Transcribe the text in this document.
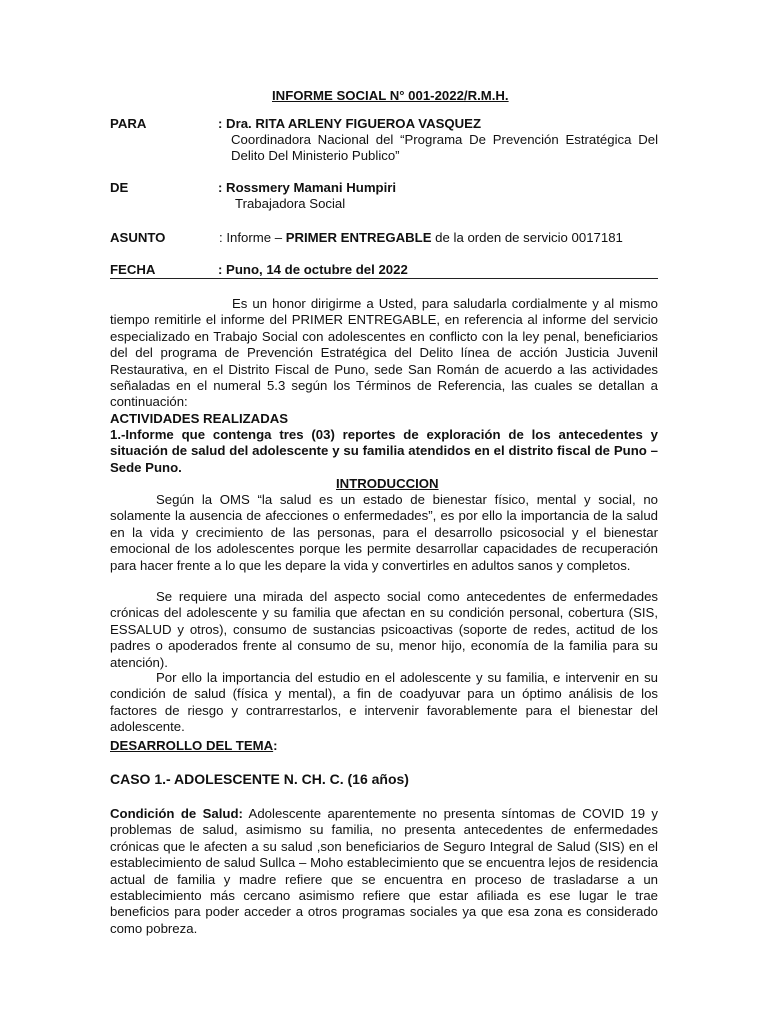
INFORME SOCIAL N° 001-2022/R.M.H.
PARA	: Dra. RITA ARLENY FIGUEROA VASQUEZ
Coordinadora Nacional del “Programa De Prevención Estratégica Del Delito Del Ministerio Publico”
DE	: Rossmery Mamani Humpiri
Trabajadora Social
ASUNTO	: Informe – PRIMER ENTREGABLE de la orden de servicio 0017181
FECHA	: Puno, 14 de octubre del 2022
Es un honor dirigirme a Usted, para saludarla cordialmente y al mismo tiempo remitirle el informe del PRIMER ENTREGABLE, en referencia al informe del servicio especializado en Trabajo Social con adolescentes en conflicto con la ley penal, beneficiarios del del programa de Prevención Estratégica del Delito línea de acción Justicia Juvenil Restaurativa, en el Distrito Fiscal de Puno, sede San Román de acuerdo a las actividades señaladas en el numeral 5.3 según los Términos de Referencia, las cuales se detallan a continuación:
ACTIVIDADES REALIZADAS
1.-Informe que contenga tres (03) reportes de exploración de los antecedentes y situación de salud del adolescente y su familia atendidos en el distrito fiscal de Puno – Sede Puno.
INTRODUCCION
Según la OMS “la salud es un estado de bienestar físico, mental y social, no solamente la ausencia de afecciones o enfermedades”, es por ello la importancia de la salud en la vida y crecimiento de las personas, para el desarrollo psicosocial y el bienestar emocional de los adolescentes porque les permite desarrollar capacidades de recuperación para hacer frente a lo que les depare la vida y convertirles en adultos sanos y completos.
Se requiere una mirada del aspecto social como antecedentes de enfermedades crónicas del adolescente y su familia que afectan en su condición personal, cobertura (SIS, ESSALUD y otros), consumo de sustancias psicoactivas (soporte de redes, actitud de los padres o apoderados frente al consumo de su, menor hijo, economía de la familia para su atención).
Por ello la importancia del estudio en el adolescente y su familia, e intervenir en su condición de salud (física y mental), a fin de coadyuvar para un óptimo análisis de los factores de riesgo y contrarrestarlos, e intervenir favorablemente para el bienestar del adolescente.
DESARROLLO DEL TEMA:
CASO 1.- ADOLESCENTE N. CH. C. (16 años)
Condición de Salud: Adolescente aparentemente no presenta síntomas de COVID 19 y problemas de salud, asimismo su familia, no presenta antecedentes de enfermedades crónicas que le afecten a su salud ,son beneficiarios de Seguro Integral de Salud (SIS) en el establecimiento de salud Sullca – Moho establecimiento que se encuentra lejos de residencia actual de familia y madre refiere que se encuentra en proceso de trasladarse a un establecimiento más cercano asimismo refiere que estar afiliada es ese lugar le trae beneficios para poder acceder a otros programas sociales ya que esa zona es considerado como pobreza.
